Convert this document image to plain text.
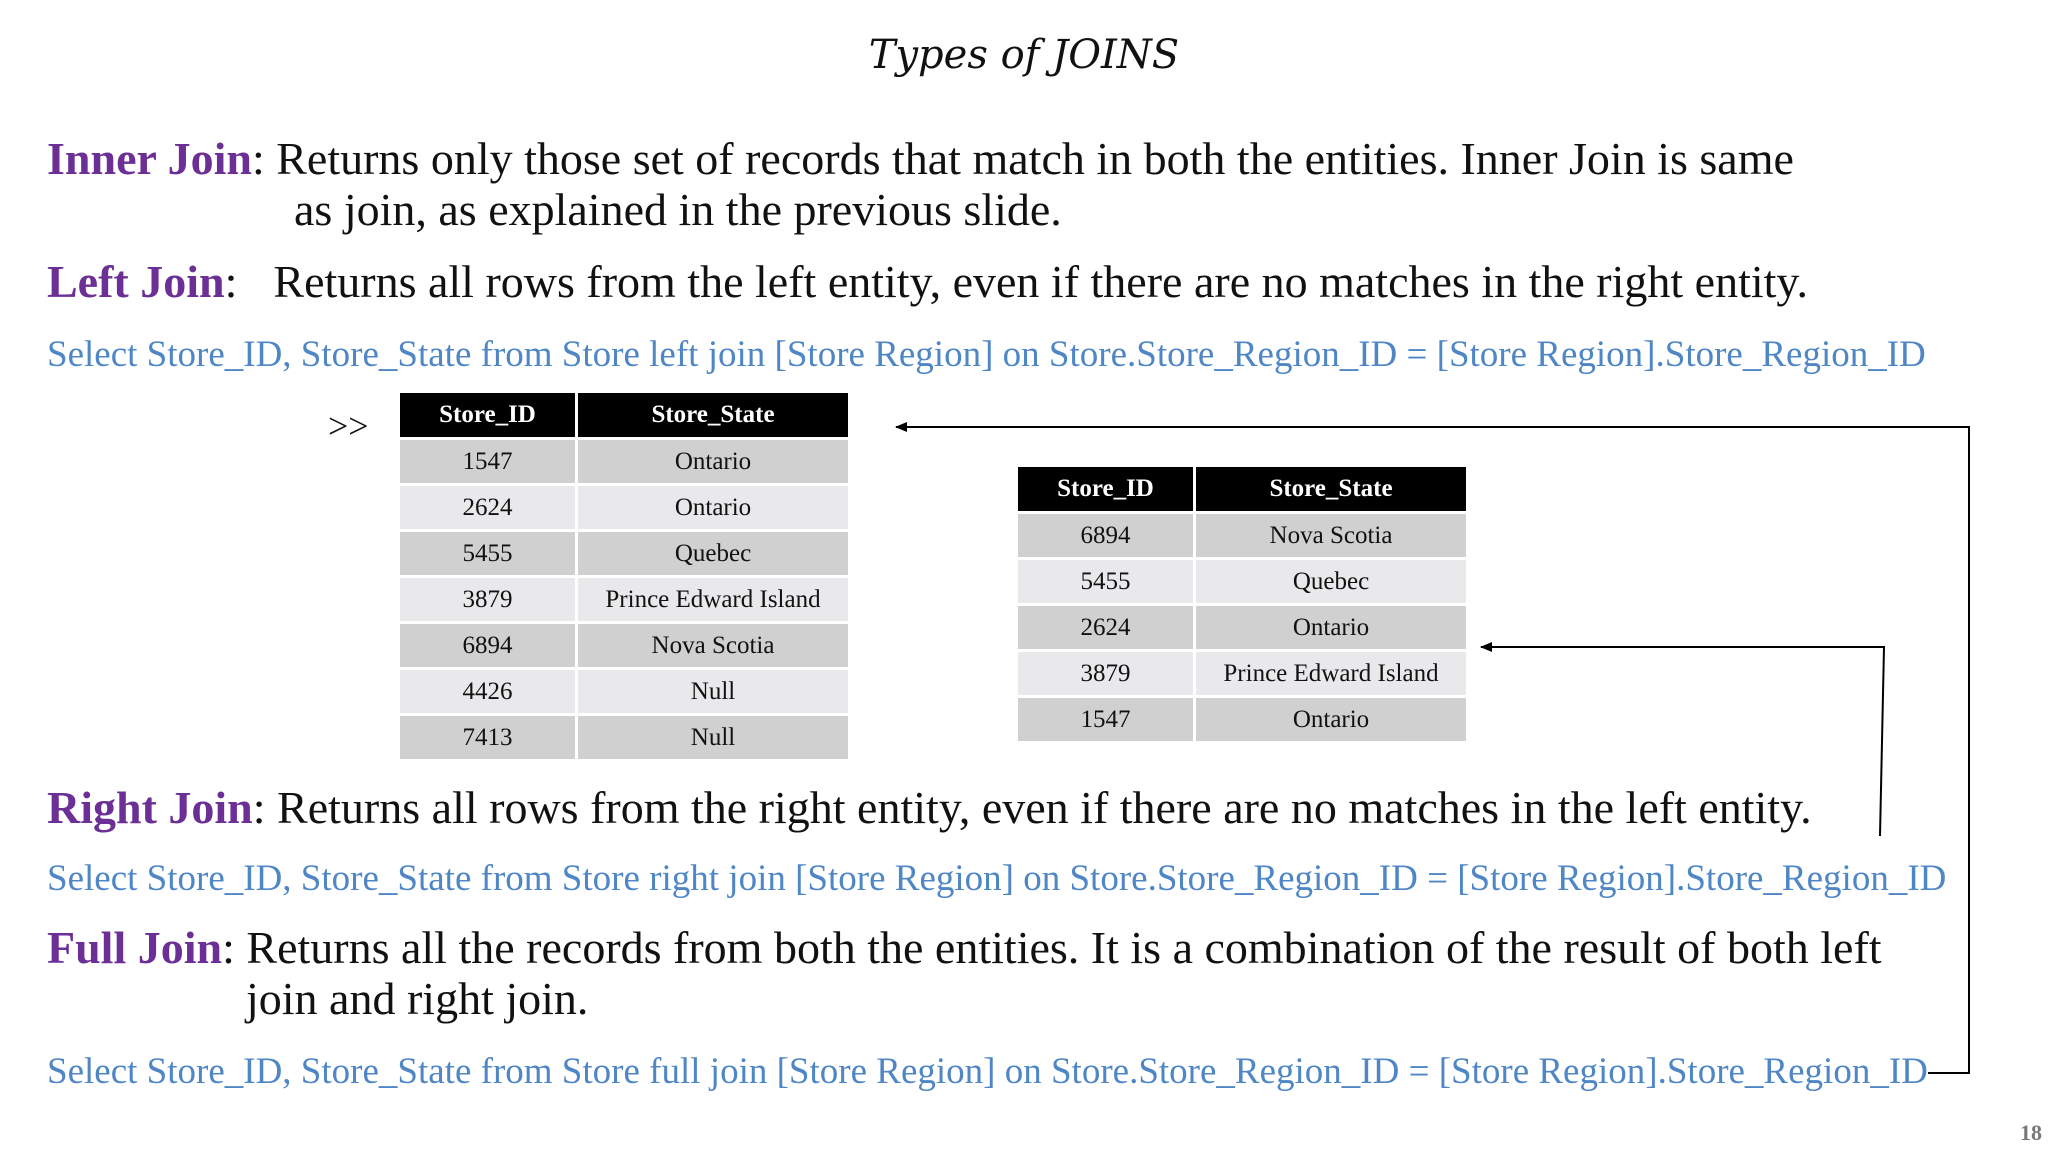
Types of JOINS
Inner Join: Returns only those set of records that match in both the entities. Inner Join is same
as join, as explained in the previous slide.
Left Join: Returns all rows from the left entity, even if there are no matches in the right entity.
Select Store_ID, Store_State from Store left join [Store Region] on Store.Store_Region_ID = [Store Region].Store_Region_ID
>>	Store_ID	Store_State
1547	Ontario
2624	Ontario
5455	Quebec
3879	Prince Edward Island
6894	Nova Scotia
4426	Null
7413	Null
Store_ID	Store_State
6894	Nova Scotia
5455	Quebec
2624	Ontario
3879	Prince Edward Island
1547	Ontario
Right Join: Returns all rows from the right entity, even if there are no matches in the left entity.
Select Store_ID, Store_State from Store right join [Store Region] on Store.Store_Region_ID = [Store Region].Store_Region_ID
Full Join: Returns all the records from both the entities. It is a combination of the result of both left
join and right join.
Select Store_ID, Store_State from Store full join [Store Region] on Store.Store_Region_ID = [Store Region].Store_Region_ID
18
